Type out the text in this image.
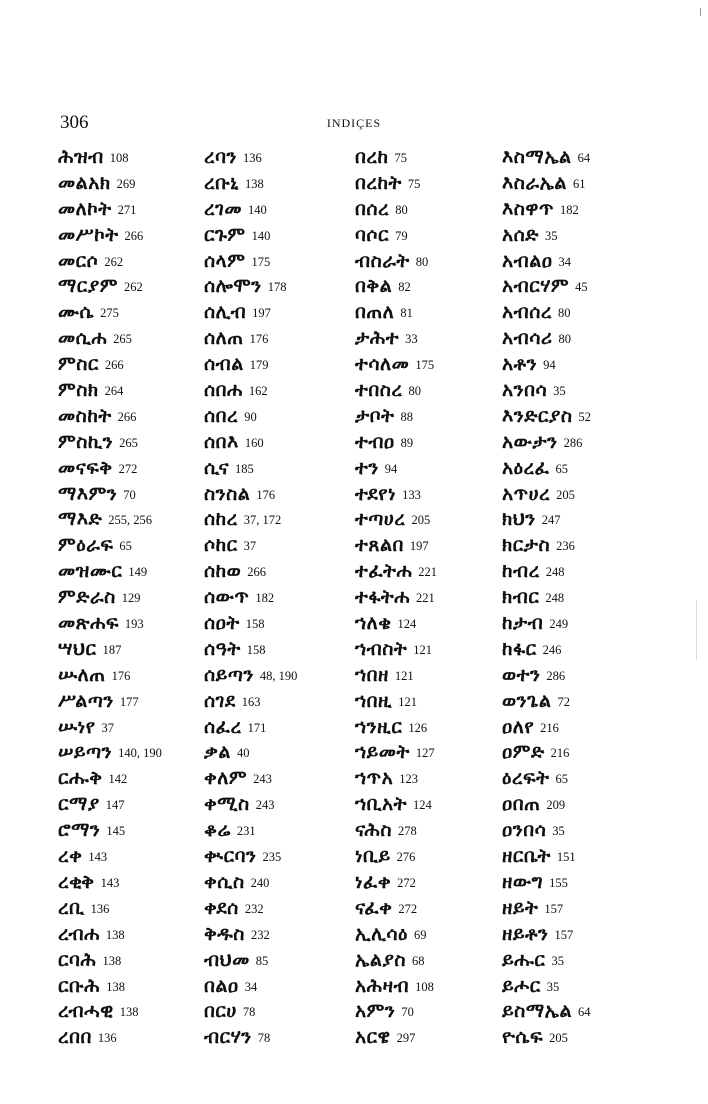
306	INDIÇES
ሕዝብ 108
መልአክ 269
መለኮት 271
መሥኮት 266
መርሶ 262
ማርያም 262
ሙሴ 275
መሲሐ 265
ምስር 266
ምስክ 264
መስከት 266
ምስኪን 265
መናፍቅ 272
ማእምን 70
ማእድ 255, 256
ምዕራፍ 65
መዝሙር 149
ምድራስ 129
መጽሐፍ 193
ሣህር 187
ሡለጠ 176
ሥልጣን 177
ሡነየ 37
ሠይጣን 140, 190
ርሑቅ 142
ርማያ 147
ሮማን 145
ረቀ 143
ረቂቅ 143
ረቢ 136
ረብሐ 138
ርባሕ 138
ርቡሕ 138
ረብሓዊ 138
ረበበ 136
ረባን 136
ረቡኒ 138
ረገመ 140
ርጉም 140
ሰላም 175
ሰሎሞን 178
ሰሊብ 197
ሰለጠ 176
ሰብል 179
ሰበሐ 162
ሰበረ 90
ሰበእ 160
ሲና 185
ስንስል 176
ሰከረ 37, 172
ሶከር 37
ሰከወ 266
ሰውጥ 182
ሰዐት 158
ሰዓት 158
ሰይጣን 48, 190
ሰገደ 163
ሰፈረ 171
ቃል 40
ቀለም 243
ቀሚስ 243
ቆሬ 231
ቊርባን 235
ቀሲስ 240
ቀደሰ 232
ቅዱስ 232
ብህመ 85
በልዐ 34
በርሀ 78
ብርሃን 78
በረከ 75
በረከት 75
በሰረ 80
ባሶር 79
ብስራት 80
በቅል 82
በጠለ 81
ታሕተ 33
ተሳለመ 175
ተበስረ 80
ታቦት 88
ተብዐ 89
ተን 94
ተደየነ 133
ተጣሀረ 205
ተጸልበ 197
ተፈትሐ 221
ተፋትሐ 221
ኀለቄ 124
ኀብስት 121
ኀበዘ 121
ኀበዚ 121
ኀንዚር 126
ኀይመት 127
ኀጥአ 123
ኀቢአት 124
ናሕስ 278
ነቢይ 276
ነፈቀ 272
ናፈቀ 272
ኢሊሳዕ 69
ኤልያስ 68
አሕዛብ 108
አምን 70
አርዌ 297
እስማኤል 64
እስራኤል 61
እስዋጥ 182
አሰድ 35
አብልዐ 34
አብርሃም 45
አብሰረ 80
አብሳሪ 80
አቶን 94
አንበሳ 35
እንድርያስ 52
አውታን 286
አዕረፈ 65
አጥሀረ 205
ክህን 247
ክርታስ 236
ከብረ 248
ክብር 248
ከታብ 249
ከፋር 246
ወተን 286
ወንጌል 72
ዐለየ 216
ዐምድ 216
ዕረፍት 65
ዐበጠ 209
ዐንበሳ 35
ዘርቤት 151
ዘውግ 155
ዘይት 157
ዘይቶን 157
ይሑር 35
ይሖር 35
ይስማኤል 64
ዮሴፍ 205
